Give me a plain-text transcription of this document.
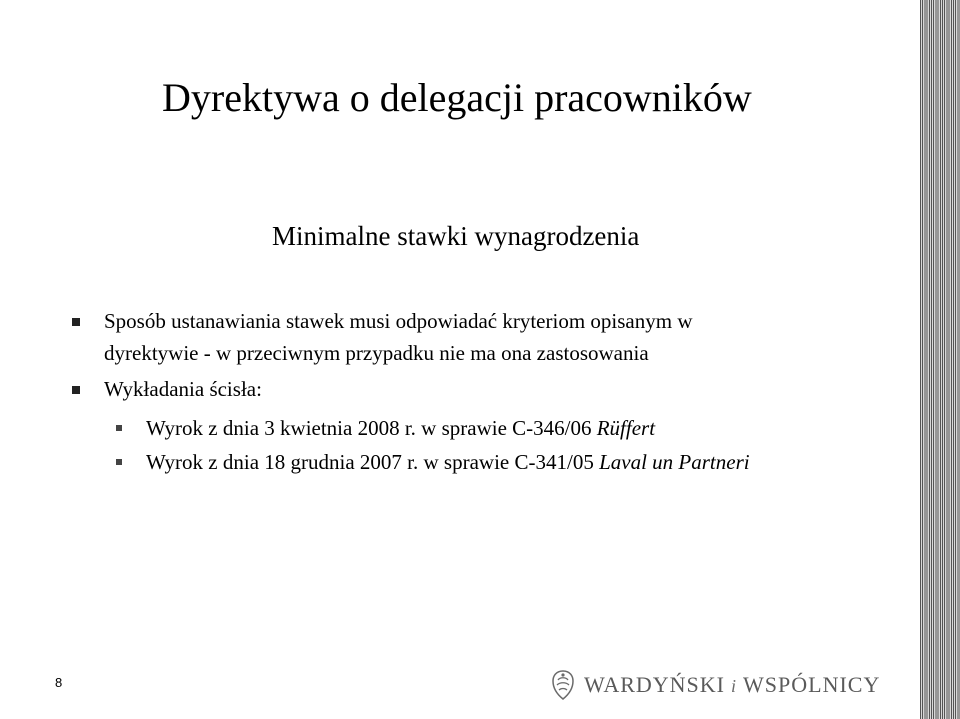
Dyrektywa o delegacji pracowników
Minimalne stawki wynagrodzenia
Sposób ustanawiania stawek musi odpowiadać kryteriom opisanym w
dyrektywie - w przeciwnym przypadku nie ma ona zastosowania
Wykładania ścisła:
Wyrok z dnia 3 kwietnia 2008 r. w sprawie C-346/06 Rüffert
Wyrok z dnia 18 grudnia 2007 r. w sprawie C-341/05 Laval un Partneri
8	WARDYŃSKI i WSPÓLNICY
